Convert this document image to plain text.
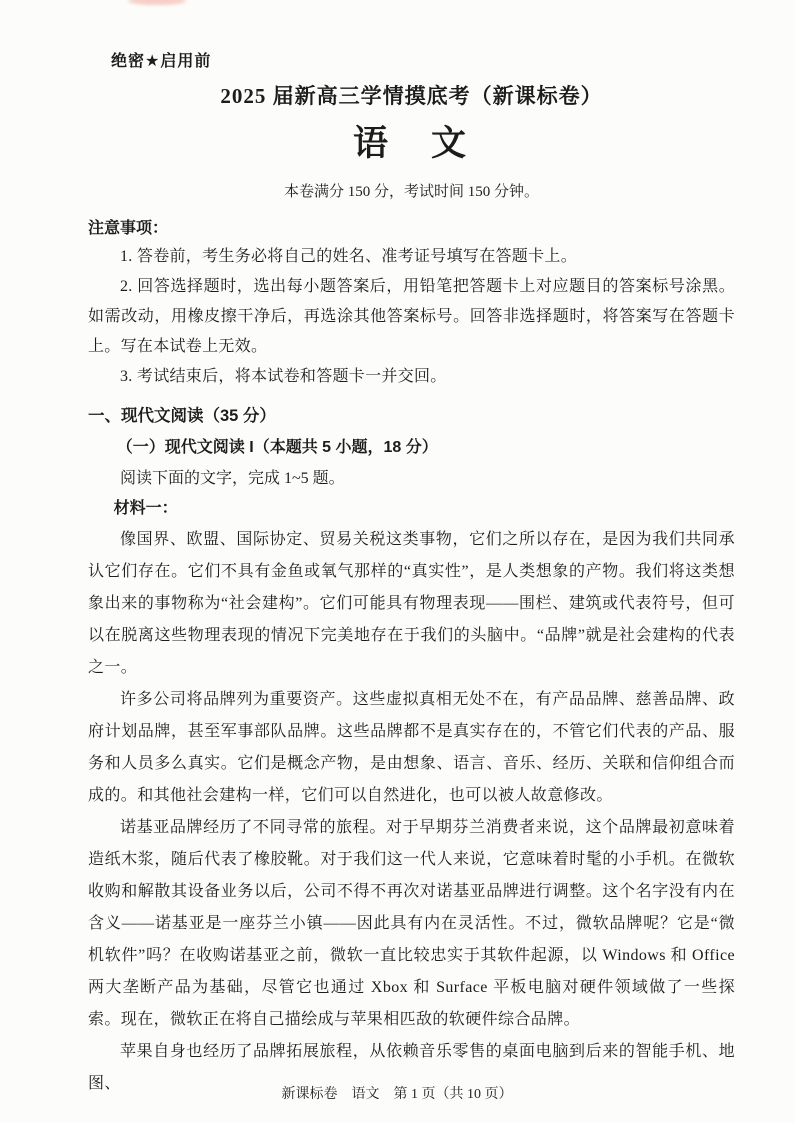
绝密★启用前
2025 届新高三学情摸底考（新课标卷）
语　文
本卷满分 150 分，考试时间 150 分钟。
注意事项：

1. 答卷前，考生务必将自己的姓名、准考证号填写在答题卡上。

2. 回答选择题时，选出每小题答案后，用铅笔把答题卡上对应题目的答案标号涂黑。如需改动，用橡皮擦干净后，再选涂其他答案标号。回答非选择题时，将答案写在答题卡上。写在本试卷上无效。

3. 考试结束后，将本试卷和答题卡一并交回。

一、现代文阅读（35 分）

（一）现代文阅读 I（本题共 5 小题，18 分）

阅读下面的文字，完成 1~5 题。

材料一：

像国界、欧盟、国际协定、贸易关税这类事物，它们之所以存在，是因为我们共同承认它们存在。它们不具有金鱼或氧气那样的“真实性”，是人类想象的产物。我们将这类想象出来的事物称为“社会建构”。它们可能具有物理表现——围栏、建筑或代表符号，但可以在脱离这些物理表现的情况下完美地存在于我们的头脑中。“品牌”就是社会建构的代表之一。

许多公司将品牌列为重要资产。这些虚拟真相无处不在，有产品品牌、慈善品牌、政府计划品牌，甚至军事部队品牌。这些品牌都不是真实存在的，不管它们代表的产品、服务和人员多么真实。它们是概念产物，是由想象、语言、音乐、经历、关联和信仰组合而成的。和其他社会建构一样，它们可以自然进化，也可以被人故意修改。

诺基亚品牌经历了不同寻常的旅程。对于早期芬兰消费者来说，这个品牌最初意味着造纸木浆，随后代表了橡胶靴。对于我们这一代人来说，它意味着时髦的小手机。在微软收购和解散其设备业务以后，公司不得不再次对诺基亚品牌进行调整。这个名字没有内在含义——诺基亚是一座芬兰小镇——因此具有内在灵活性。不过，微软品牌呢？它是“微机软件”吗？在收购诺基亚之前，微软一直比较忠实于其软件起源，以 Windows 和 Office 两大垄断产品为基础，尽管它也通过 Xbox 和 Surface 平板电脑对硬件领域做了一些探索。现在，微软正在将自己描绘成与苹果相匹敌的软硬件综合品牌。

苹果自身也经历了品牌拓展旅程，从依赖音乐零售的桌面电脑到后来的智能手机、地图、

新课标卷　语文　第 1 页（共 10 页）
